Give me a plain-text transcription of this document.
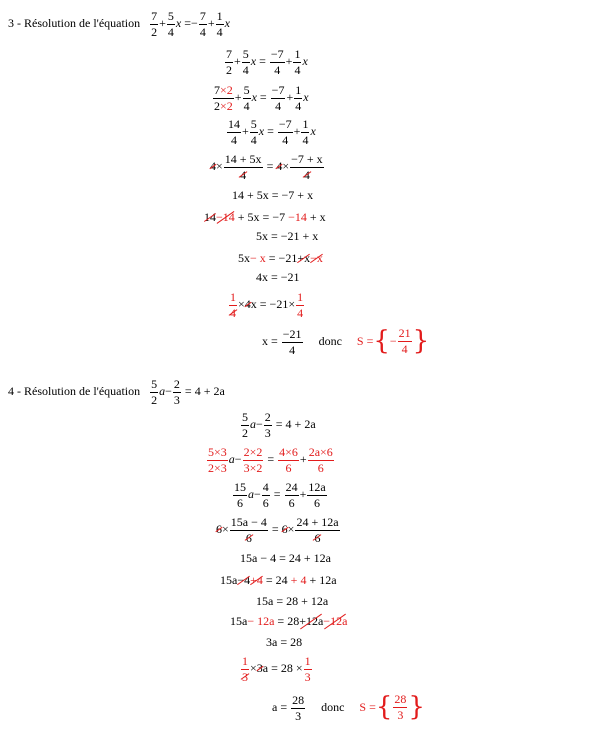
3 - Résolution de l'équation $\frac{7}{2} + \frac{5}{4}$ $x =- \frac{7}{4} + \frac{1}{4}$ x
$\frac{7}{2} + \frac{5}{4}$ $x = \frac{-7}{4} + \frac{1}{4}$ x
$\frac{7\times 2}{2\times 2} + \frac{5}{4}$ $x = \frac{-7}{4} + \frac{1}{4}$ x
$\frac{14}{4} + \frac{5}{4}$ $x = \frac{-7}{4} + \frac{1}{4}$ x
$4\times \frac{14 + 5x}{4} = 4\times \frac{-7 + x}{4}$
14 + 5x = −7 + x
14−14 + 5x = −7 −14 + x
5x = −21 + x
5x− x = −21+x−x
4x = −21
$\frac{1}{4} \times 4x = -21\times \frac{1}{4}$
$x = \frac{-21}{4}$ donc S = { − $\frac{21}{4}$ }
4 - Résolution de l'équation $\frac{5}{2} a- \frac{2}{3} = 4 + 2a$
$\frac{5}{2} a- \frac{2}{3} = 4 + 2a$
$\frac{5\times 3}{2\times 3} a- \frac{2\times 2}{3\times 2} = \frac{4\times 6}{6} + \frac{2a\times 6}{6}$
$\frac{15}{6} a- \frac{4}{6} = \frac{24}{6} + \frac{12a}{6}$
$6\times \frac{15a - 4}{6} = 6\times \frac{24 + 12a}{6}$
15a − 4 = 24 + 12a
15a−4+4 = 24 + 4 + 12a
15a = 28 + 12a
15a− 12a = 28+12a−12a
3a = 28
$\frac{1}{3} \times 3a = 28 \times \frac{1}{3}$
$a = \frac{28}{3}$ donc S = { $\frac{28}{3}$ }
